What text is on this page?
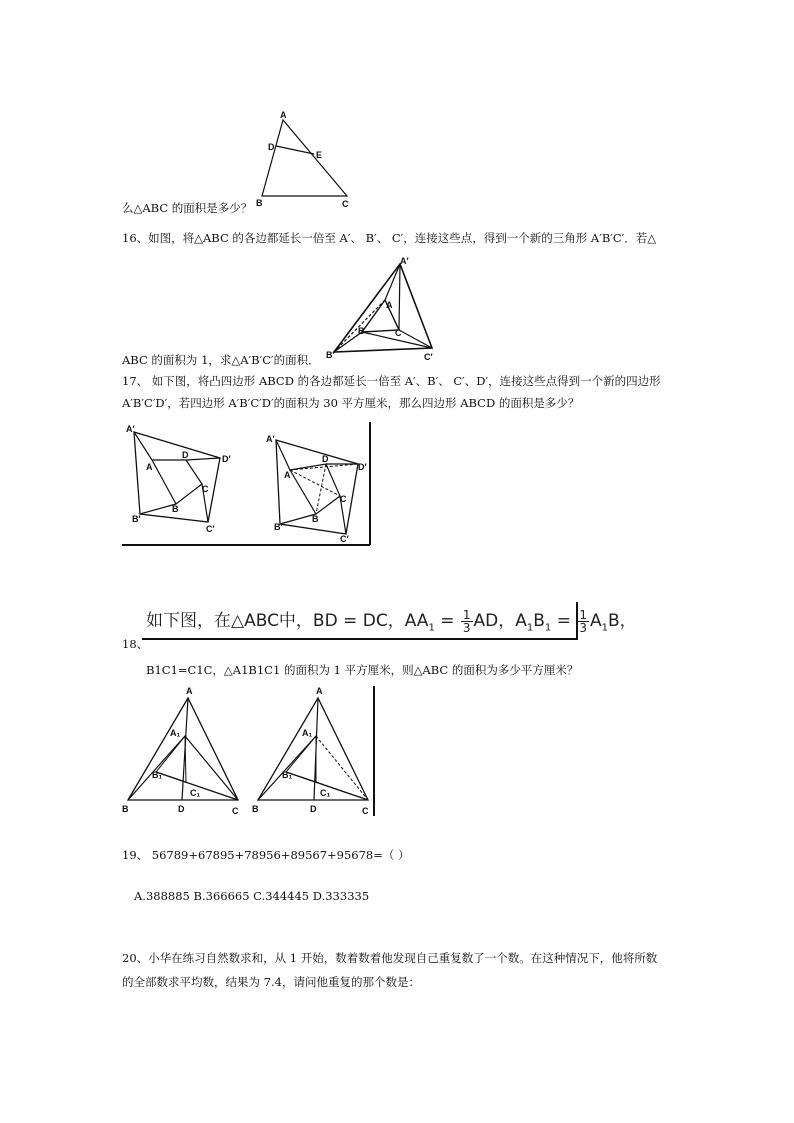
A
D
E
B	C
么△ABC 的面积是多少？
16、如图，将△ABC 的各边都延长一倍至 A′、 B′、 C′，连接这些点，得到一个新的三角形 A′B′C′．若△
A′
A
B	C
B′	C′
ABC 的面积为 1，求△A′B′C′的面积．
17、 如下图，将凸四边形 ABCD 的各边都延长一倍至 A′、B′、 C′、D′，连接这些点得到一个新的四边形
A′B′C′D′，若四边形 A′B′C′D′的面积为 30 平方厘米，那么四边形 ABCD 的面积是多少？
A′
A
D	D′
C
B
B′
C′
A′
A
D
D′
C
B
B′
C′
如下图，在△ABC中，BD = DC，$AA_1 = \frac{1}{3}$ AD，$A_1B_1 = \frac{1}{3} A_1B$，
18、
B1C1=C1C，△A1B1C1 的面积为 1 平方厘米，则△ABC 的面积为多少平方厘米？
A
A₁
B₁
C₁
B	D	C
A
A₁
B₁
C₁
B	D	C
19、 56789+67895+78956+89567+95678=（ ）
A.388885 B.366665 C.344445 D.333335
20、小华在练习自然数求和，从 1 开始，数着数着他发现自己重复数了一个数。在这种情况下，他将所数
的全部数求平均数，结果为 7.4，请问他重复的那个数是：
